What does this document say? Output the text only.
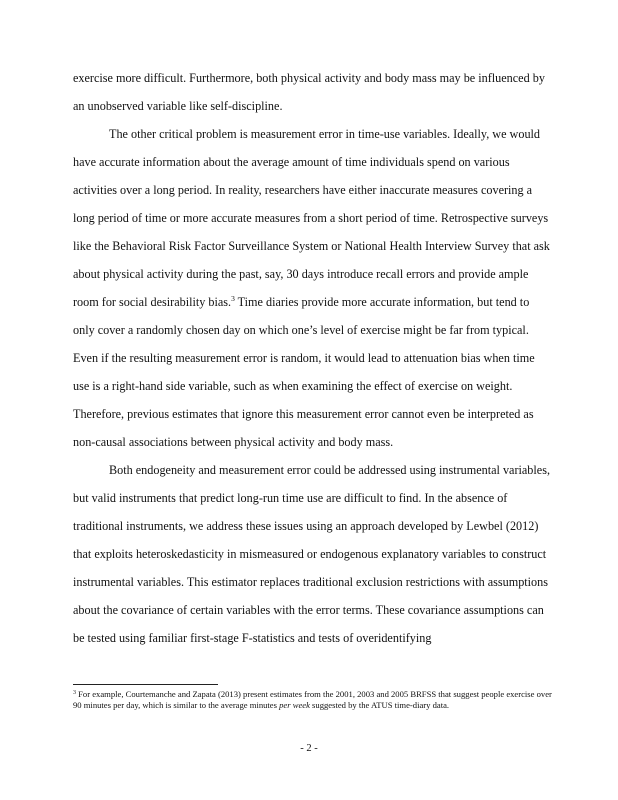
exercise more difficult. Furthermore, both physical activity and body mass may be influenced by an unobserved variable like self-discipline.

The other critical problem is measurement error in time-use variables. Ideally, we would have accurate information about the average amount of time individuals spend on various activities over a long period. In reality, researchers have either inaccurate measures covering a long period of time or more accurate measures from a short period of time. Retrospective surveys like the Behavioral Risk Factor Surveillance System or National Health Interview Survey that ask about physical activity during the past, say, 30 days introduce recall errors and provide ample room for social desirability bias.$^3$ Time diaries provide more accurate information, but tend to only cover a randomly chosen day on which one’s level of exercise might be far from typical. Even if the resulting measurement error is random, it would lead to attenuation bias when time use is a right-hand side variable, such as when examining the effect of exercise on weight. Therefore, previous estimates that ignore this measurement error cannot even be interpreted as non-causal associations between physical activity and body mass.

Both endogeneity and measurement error could be addressed using instrumental variables, but valid instruments that predict long-run time use are difficult to find. In the absence of traditional instruments, we address these issues using an approach developed by Lewbel (2012) that exploits heteroskedasticity in mismeasured or endogenous explanatory variables to construct instrumental variables. This estimator replaces traditional exclusion restrictions with assumptions about the covariance of certain variables with the error terms. These covariance assumptions can be tested using familiar first-stage F-statistics and tests of overidentifying

$^3$ For example, Courtemanche and Zapata (2013) present estimates from the 2001, 2003 and 2005 BRFSS that suggest people exercise over 90 minutes per day, which is similar to the average minutes per week suggested by the ATUS time-diary data.
- 2 -
